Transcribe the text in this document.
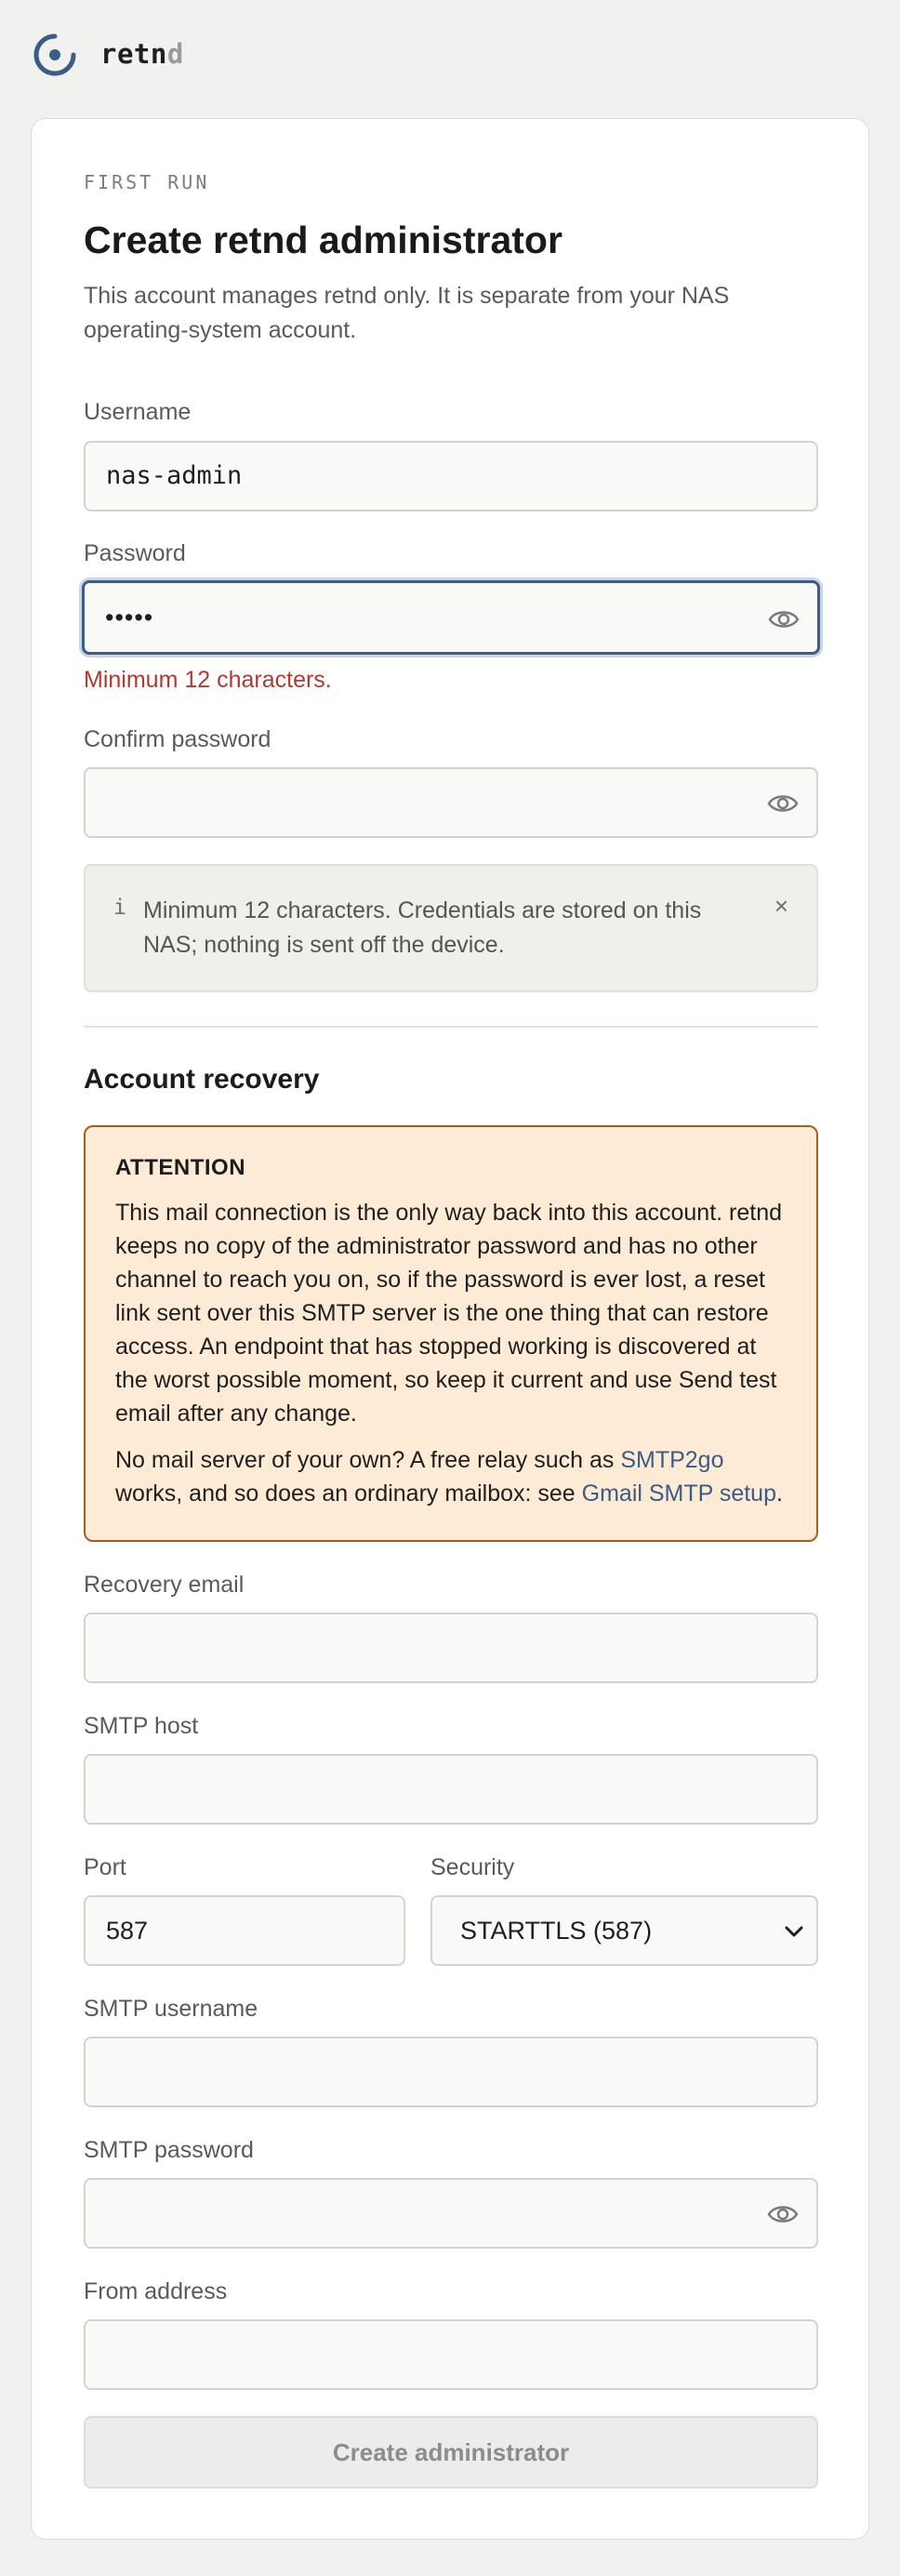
retnd
FIRST RUN
Create retnd administrator

This account manages retnd only. It is separate from your NAS operating-system account.

Username
nas-admin
Password
•••••
Minimum 12 characters.
Confirm password
i Minimum 12 characters. Credentials are stored on this NAS; nothing is sent off the device.

×
Account recovery
ATTENTION

This mail connection is the only way back into this account. retnd keeps no copy of the administrator password and has no other channel to reach you on, so if the password is ever lost, a reset link sent over this SMTP server is the one thing that can restore access. An endpoint that has stopped working is discovered at the worst possible moment, so keep it current and use Send test email after any change.

No mail server of your own? A free relay such as SMTP2go works, and so does an ordinary mailbox: see Gmail SMTP setup.

Recovery email
SMTP host
Port	Security
587	STARTTLS (587)
SMTP username
SMTP password
From address
Create administrator
